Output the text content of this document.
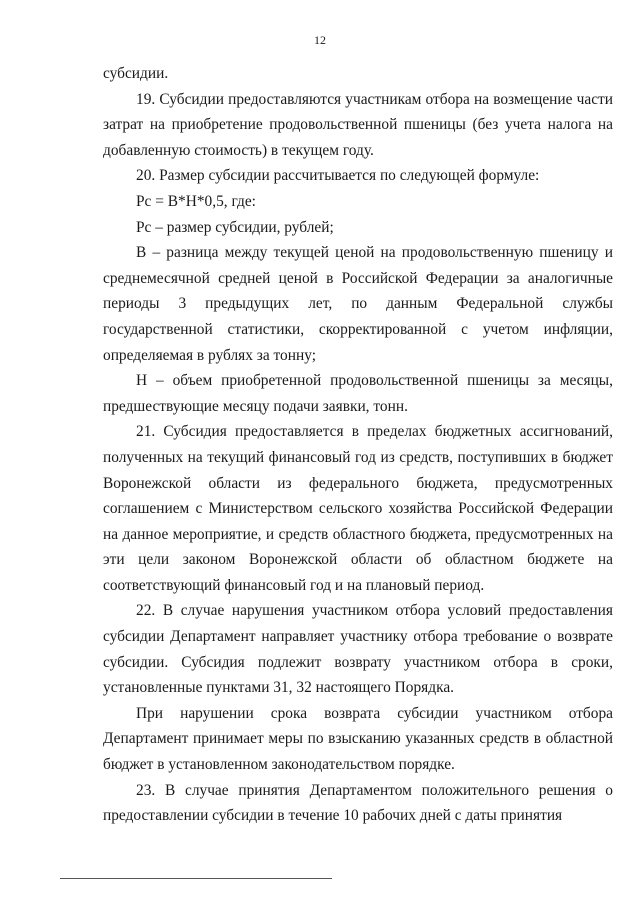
12

субсидии.

19. Субсидии предоставляются участникам отбора на возмещение части затрат на приобретение продовольственной пшеницы (без учета налога на добавленную стоимость) в текущем году.

20. Размер субсидии рассчитывается по следующей формуле:

Рс = В*Н*0,5, где:

Рс – размер субсидии, рублей;

В – разница между текущей ценой на продовольственную пшеницу и среднемесячной средней ценой в Российской Федерации за аналогичные периоды 3 предыдущих лет, по данным Федеральной службы государственной статистики, скорректированной с учетом инфляции, определяемая в рублях за тонну;

Н – объем приобретенной продовольственной пшеницы за месяцы, предшествующие месяцу подачи заявки, тонн.

21. Субсидия предоставляется в пределах бюджетных ассигнований, полученных на текущий финансовый год из средств, поступивших в бюджет Воронежской области из федерального бюджета, предусмотренных соглашением с Министерством сельского хозяйства Российской Федерации на данное мероприятие, и средств областного бюджета, предусмотренных на эти цели законом Воронежской области об областном бюджете на соответствующий финансовый год и на плановый период.

22. В случае нарушения участником отбора условий предоставления субсидии Департамент направляет участнику отбора требование о возврате субсидии. Субсидия подлежит возврату участником отбора в сроки, установленные пунктами 31, 32 настоящего Порядка.

При нарушении срока возврата субсидии участником отбора Департамент принимает меры по взысканию указанных средств в областной бюджет в установленном законодательством порядке.

23. В случае принятия Департаментом положительного решения о предоставлении субсидии в течение 10 рабочих дней с даты принятия
